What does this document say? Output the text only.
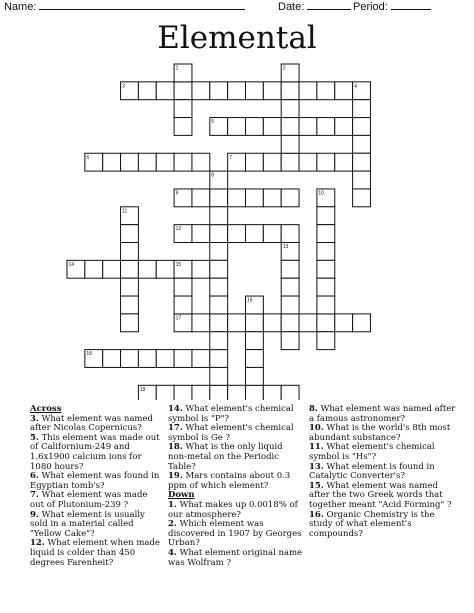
Name:	Date:	Period:
Elemental
1	2
3	4
5
6	7
8
9	10
11
12
13
14	15
16
17
18
19
Across
3. What element was named after Nicolas Copernicus?
5. This element was made out of Californium-249 and 1.6x1900 calcium ions for 1080 hours?
6. What element was found in Egyptian tomb's?
7. What element was made out of Plutonium-239 ?
9. What element is usually sold in a material called "Yellow Cake"?
12. What element when made liquid is colder than 450 degrees Farenheit?
14. What element's chemical symbol is "P"?
17. What element's chemical symbol is Ge ?
18. What is the only liquid non-metal on the Periodic Table?
19. Mars contains about 0.3 ppm of which element?
Down
1. What makes up 0.0018% of our atmosphere?
2. Which element was discovered in 1907 by Georges Urban?
4. What element original name was Wolfram ?
8. What element was named after a famous astronomer?
10. What is the world's 8th most abundant substance?
11. What element's chemical symbol is "Hs"?
13. What element is found in Catalytic Converter's?
15. What element was named after the two Greek words that together meant "Acid Forming" ?
16. Organic Chemistry is the study of what element's compounds?
